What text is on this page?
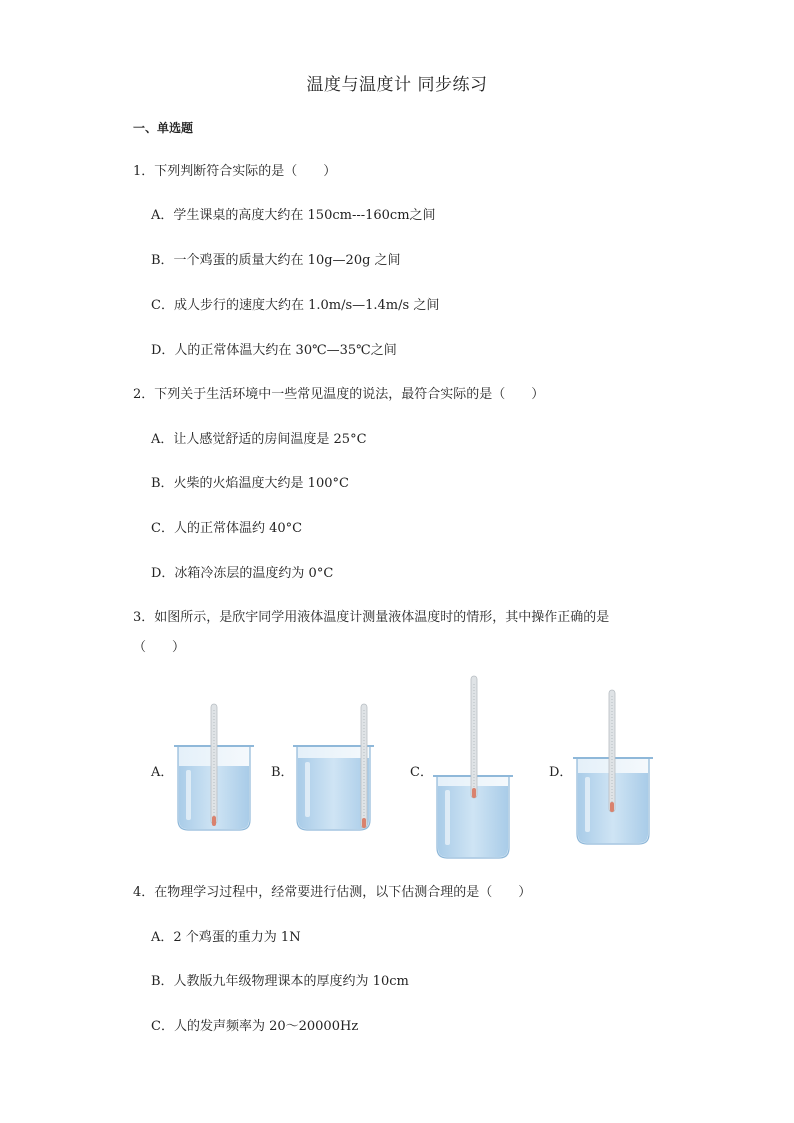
温度与温度计 同步练习
一、单选题
1．下列判断符合实际的是（　　）
A．学生课桌的高度大约在 150cm---160cm之间
B．一个鸡蛋的质量大约在 10g—20g 之间
C．成人步行的速度大约在 1.0m/s—1.4m/s 之间
D．人的正常体温大约在 30℃—35℃之间
2．下列关于生活环境中一些常见温度的说法，最符合实际的是（　　）
A．让人感觉舒适的房间温度是 25°C
B．火柴的火焰温度大约是 100°C
C．人的正常体温约 40°C
D．冰箱冷冻层的温度约为 0°C
3．如图所示，是欣宇同学用液体温度计测量液体温度时的情形，其中操作正确的是
（　　）
A．	B．	C．	D．
4．在物理学习过程中，经常要进行估测，以下估测合理的是（　　）
A．2 个鸡蛋的重力为 1N
B．人教版九年级物理课本的厚度约为 10cm
C．人的发声频率为 20～20000Hz
